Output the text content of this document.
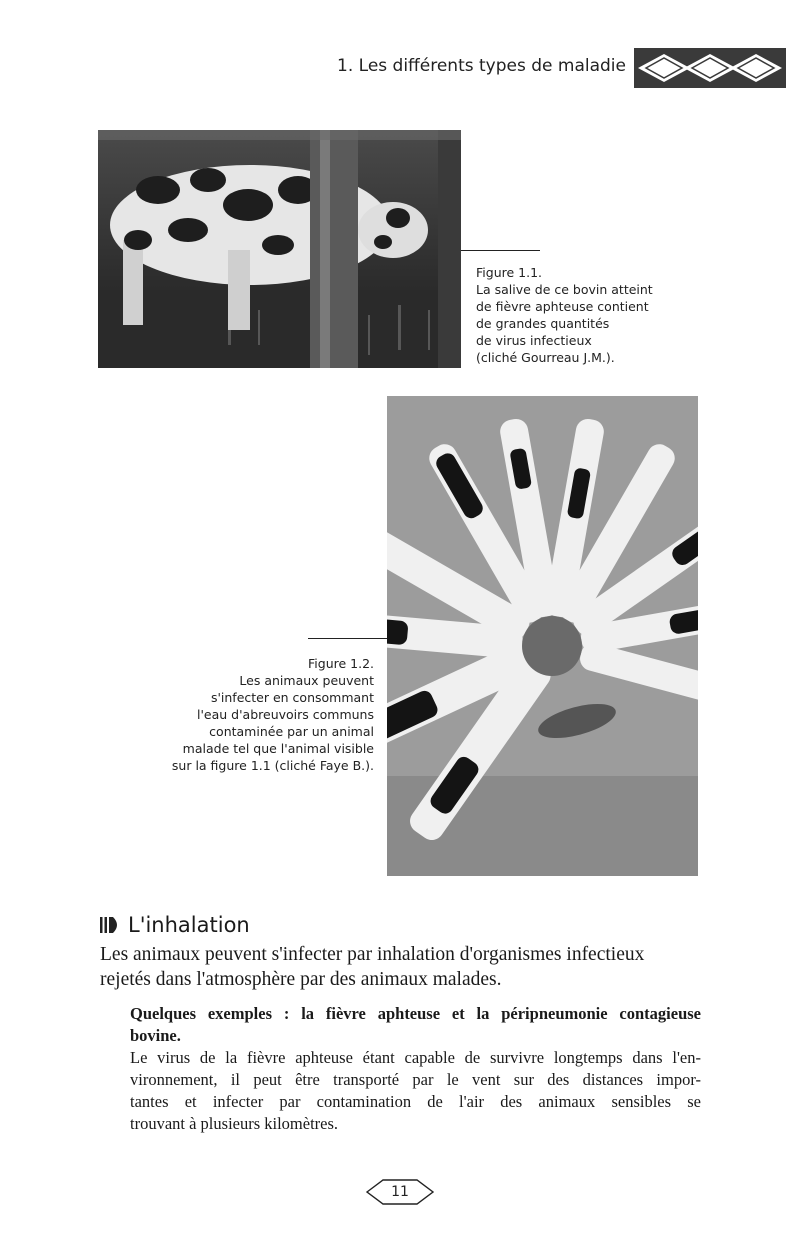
1. Les différents types de maladie
Figure 1.1.
La salive de ce bovin atteint
de fièvre aphteuse contient
de grandes quantités
de virus infectieux
(cliché Gourreau J.M.).
Figure 1.2.
Les animaux peuvent
s'infecter en consommant
l'eau d'abreuvoirs communs
contaminée par un animal
malade tel que l'animal visible
sur la figure 1.1 (cliché Faye B.).
L'inhalation
Les animaux peuvent s'infecter par inhalation d'organismes infectieux
rejetés dans l'atmosphère par des animaux malades.
Quelques exemples : la fièvre aphteuse et la péripneumonie contagieuse
bovine.
Le virus de la fièvre aphteuse étant capable de survivre longtemps dans l'en-
vironnement, il peut être transporté par le vent sur des distances impor-
tantes et infecter par contamination de l'air des animaux sensibles se
trouvant à plusieurs kilomètres.
11
